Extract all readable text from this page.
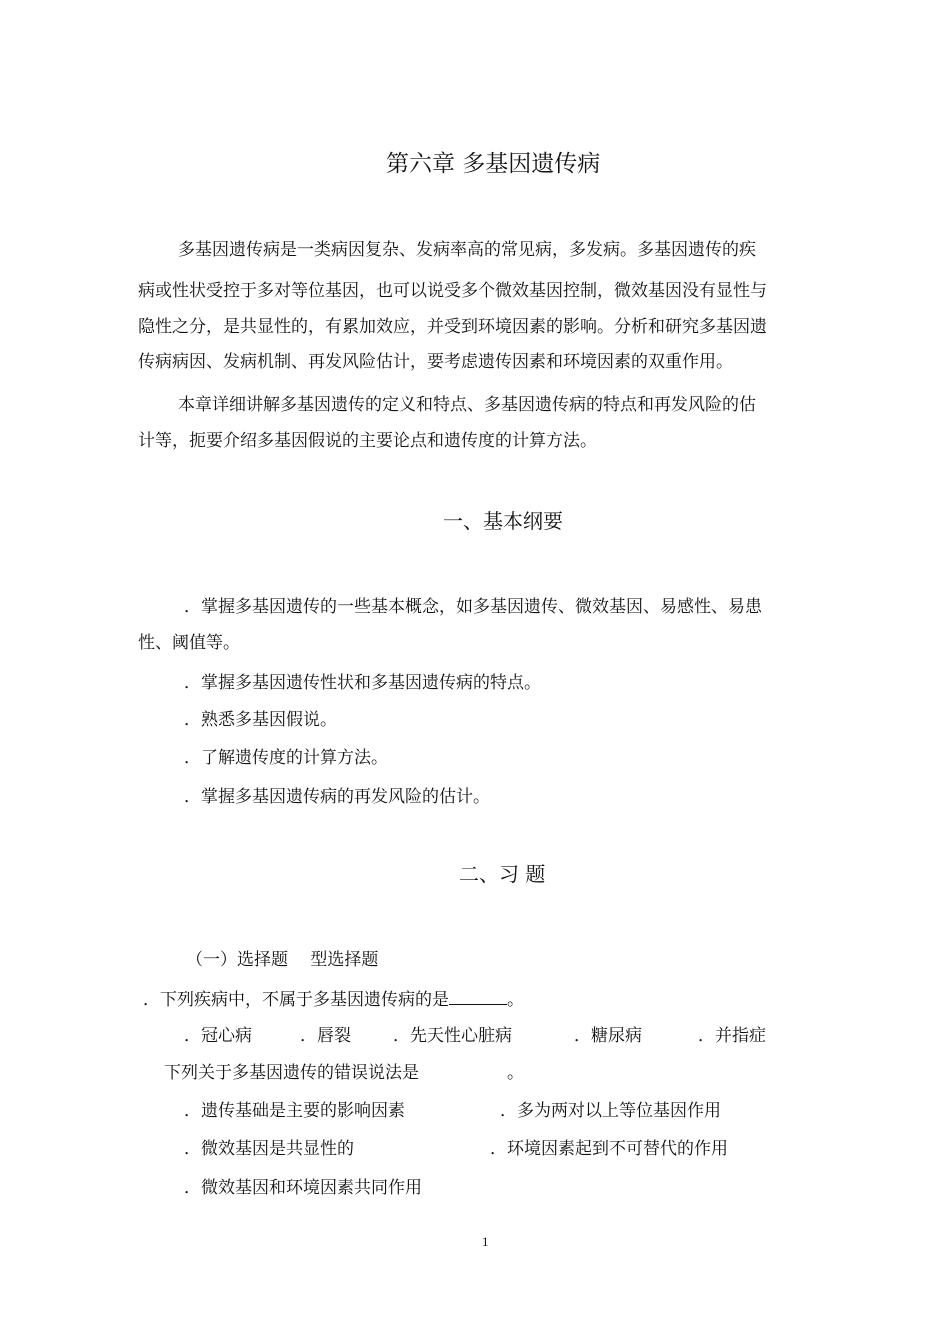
第六章 多基因遗传病
多基因遗传病是一类病因复杂、发病率高的常见病，多发病。多基因遗传的疾
病或性状受控于多对等位基因，也可以说受多个微效基因控制，微效基因没有显性与
隐性之分，是共显性的，有累加效应，并受到环境因素的影响。分析和研究多基因遗
传病病因、发病机制、再发风险估计，要考虑遗传因素和环境因素的双重作用。
本章详细讲解多基因遗传的定义和特点、多基因遗传病的特点和再发风险的估
计等，扼要介绍多基因假说的主要论点和遗传度的计算方法。
一、基本纲要
．掌握多基因遗传的一些基本概念，如多基因遗传、微效基因、易感性、易患
性、阈值等。
．掌握多基因遗传性状和多基因遗传病的特点。
．熟悉多基因假说。
．了解遗传度的计算方法。
．掌握多基因遗传病的再发风险的估计。
二、习 题
（一）选择题　 型选择题
．下列疾病中，不属于多基因遗传病的是	。
．冠心病	．唇裂 ．先天性心脏病	．糖尿病	．并指症
下列关于多基因遗传的错误说法是	。
．遗传基础是主要的影响因素	．多为两对以上等位基因作用
．微效基因是共显性的	．环境因素起到不可替代的作用
．微效基因和环境因素共同作用
1
